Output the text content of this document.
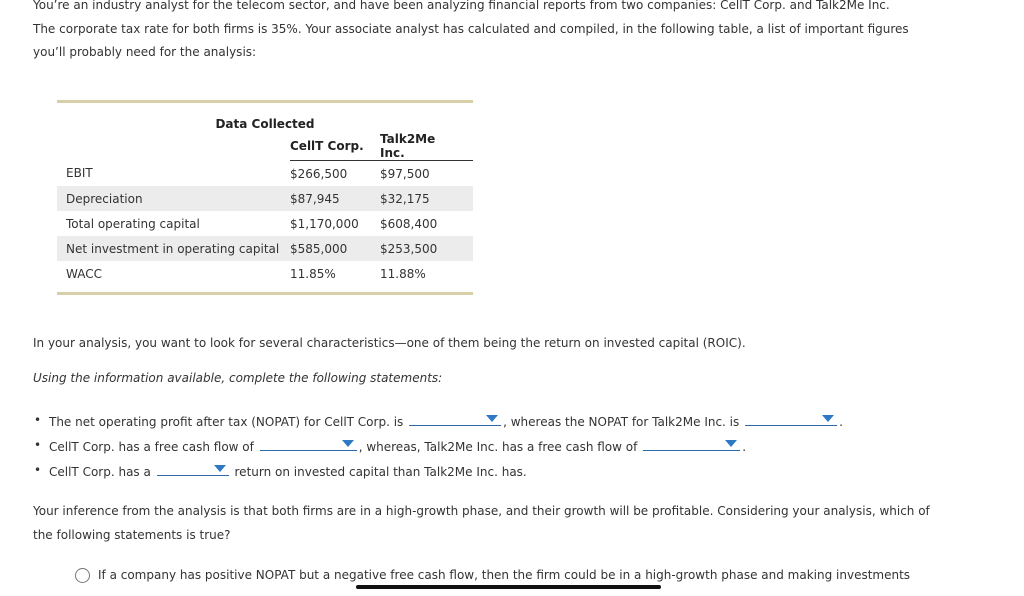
You’re an industry analyst for the telecom sector, and have been analyzing financial reports from two companies: CellT Corp. and Talk2Me Inc. The corporate tax rate for both firms is 35%. Your associate analyst has calculated and compiled, in the following table, a list of important figures you’ll probably need for the analysis:

Data Collected
	CellT Corp.	Talk2Me Inc.
EBIT	$266,500	$97,500
Depreciation	$87,945	$32,175
Total operating capital	$1,170,000	$608,400
Net investment in operating capital	$585,000	$253,500
WACC	11.85%	11.88%

In your analysis, you want to look for several characteristics—one of them being the return on invested capital (ROIC).

Using the information available, complete the following statements:

• The net operating profit after tax (NOPAT) for CellT Corp. is	, whereas the NOPAT for Talk2Me Inc. is	.
• CellT Corp. has a free cash flow of	, whereas, Talk2Me Inc. has a free cash flow of	.
• CellT Corp. has a	return on invested capital than Talk2Me Inc. has.

Your inference from the analysis is that both firms are in a high-growth phase, and their growth will be profitable. Considering your analysis, which of the following statements is true?

If a company has positive NOPAT but a negative free cash flow, then the firm could be in a high-growth phase and making investments
